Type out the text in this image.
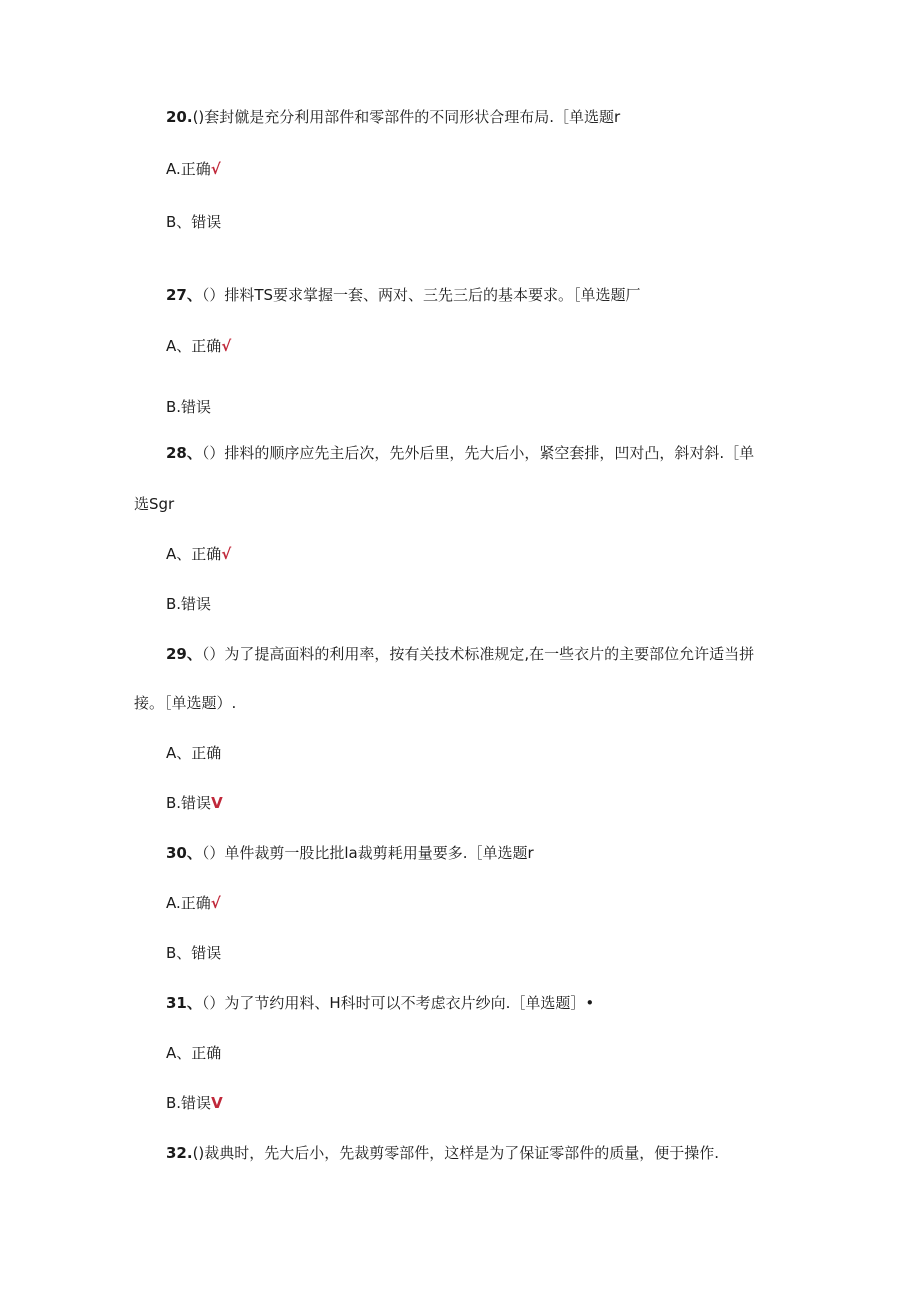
20.()套封僦是充分利用部件和零部件的不同形状合理布局.［单选题r
A.正确√
B、错误
27、（）排料TS要求掌握一套、两对、三先三后的基本要求。［单选题厂
A、正确√
B.错误
28、（）排料的顺序应先主后次，先外后里，先大后小，紧空套排，凹对凸，斜对斜.［单
选Sgr
A、正确√
B.错误
29、（）为了提高面料的利用率，按有关技术标准规定,在一些衣片的主要部位允许适当拼
接。［单选题）.
A、正确
B.错误V
30、（）单件裁剪一股比批la裁剪耗用量要多.［单选题r
A.正确√
B、错误
31、（）为了节约用料、H科时可以不考虑衣片纱向.［单选题］•
A、正确
B.错误V
32.()裁典时，先大后小，先裁剪零部件，这样是为了保证零部件的质量，便于操作.
